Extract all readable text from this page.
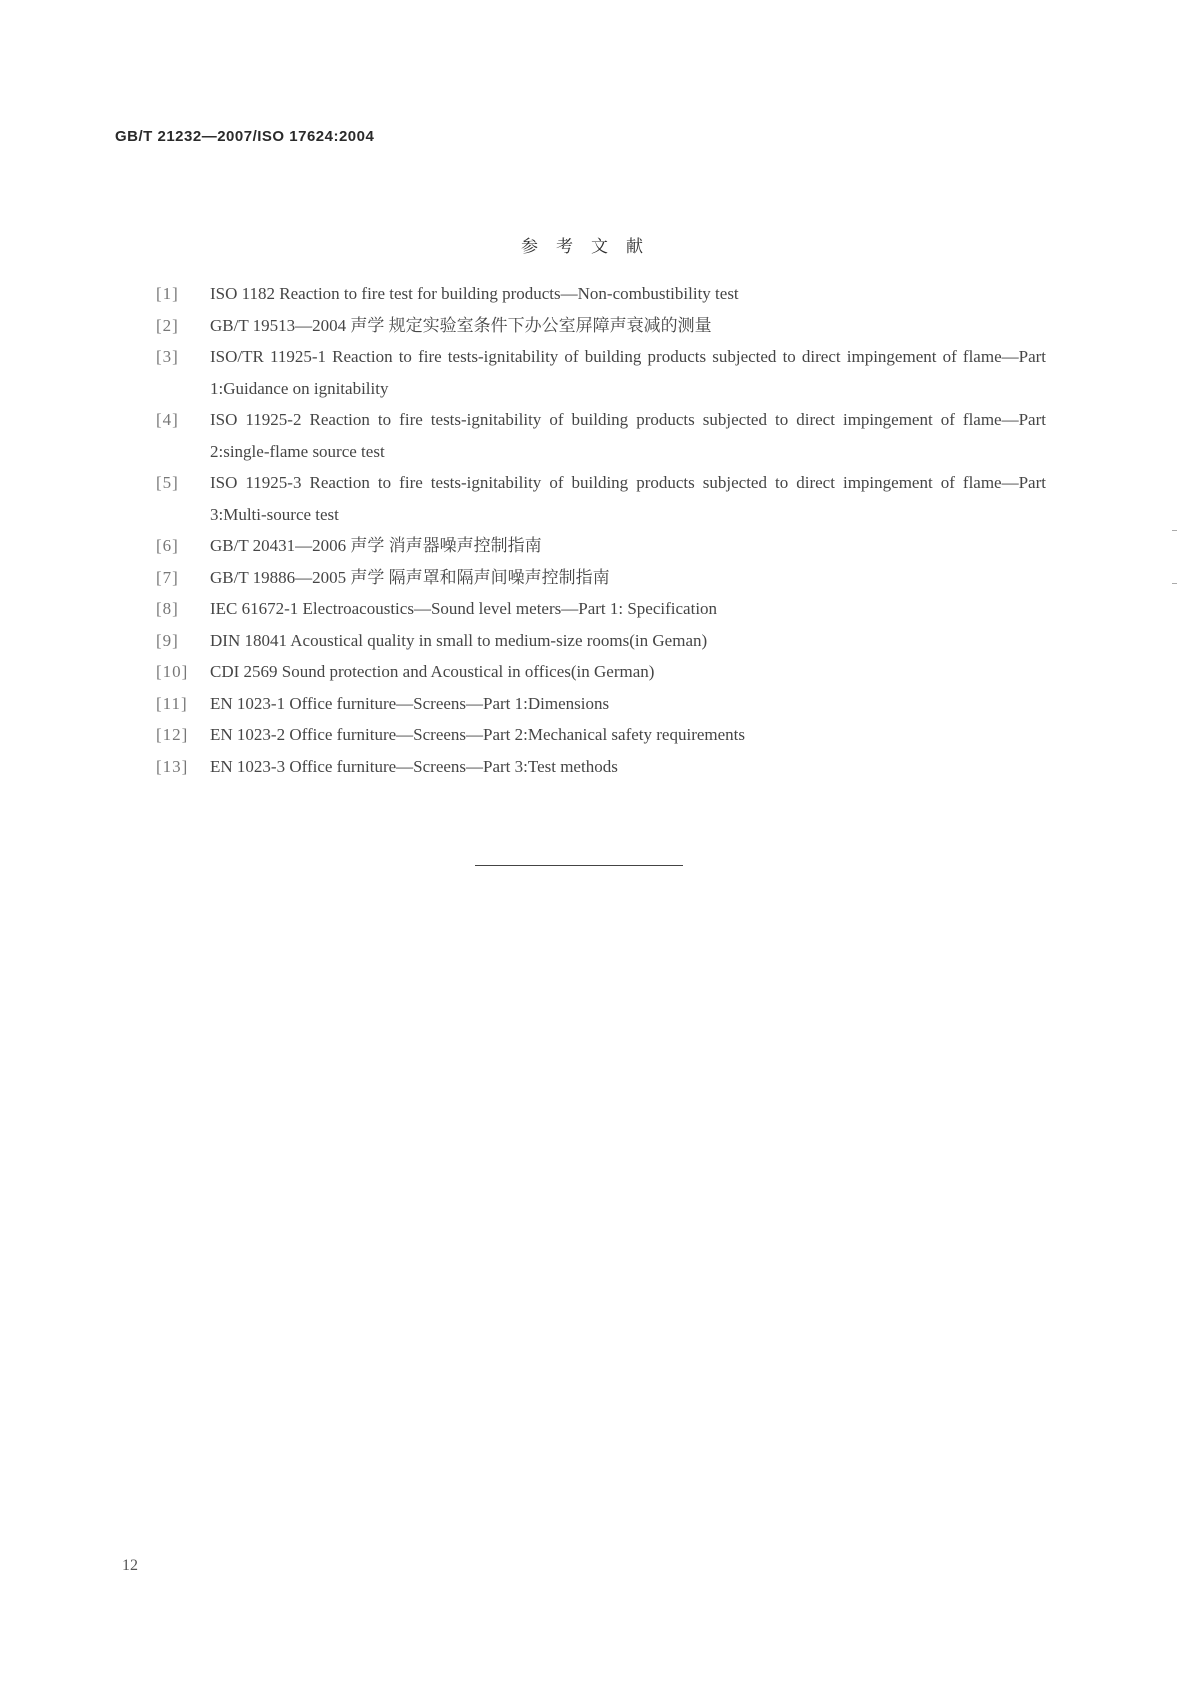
GB/T 21232—2007/ISO 17624:2004
参考文献
[1]	ISO 1182 Reaction to fire test for building products—Non-combustibility test
[2]	GB/T 19513—2004 声学 规定实验室条件下办公室屏障声衰减的测量
[3]	ISO/TR 11925-1 Reaction to fire tests-ignitability of building products subjected to direct impingement of flame—Part 1:Guidance on ignitability
[4]	ISO 11925-2 Reaction to fire tests-ignitability of building products subjected to direct impingement of flame—Part 2:single-flame source test
[5]	ISO 11925-3 Reaction to fire tests-ignitability of building products subjected to direct impingement of flame—Part 3:Multi-source test
[6]	GB/T 20431—2006 声学 消声器噪声控制指南
[7]	GB/T 19886—2005 声学 隔声罩和隔声间噪声控制指南
[8]	IEC 61672-1 Electroacoustics—Sound level meters—Part 1: Specification
[9]	DIN 18041 Acoustical quality in small to medium-size rooms(in Geman)
[10]	CDI 2569 Sound protection and Acoustical in offices(in German)
[11]	EN 1023-1 Office furniture—Screens—Part 1:Dimensions
[12]	EN 1023-2 Office furniture—Screens—Part 2:Mechanical safety requirements
[13]	EN 1023-3 Office furniture—Screens—Part 3:Test methods
12
